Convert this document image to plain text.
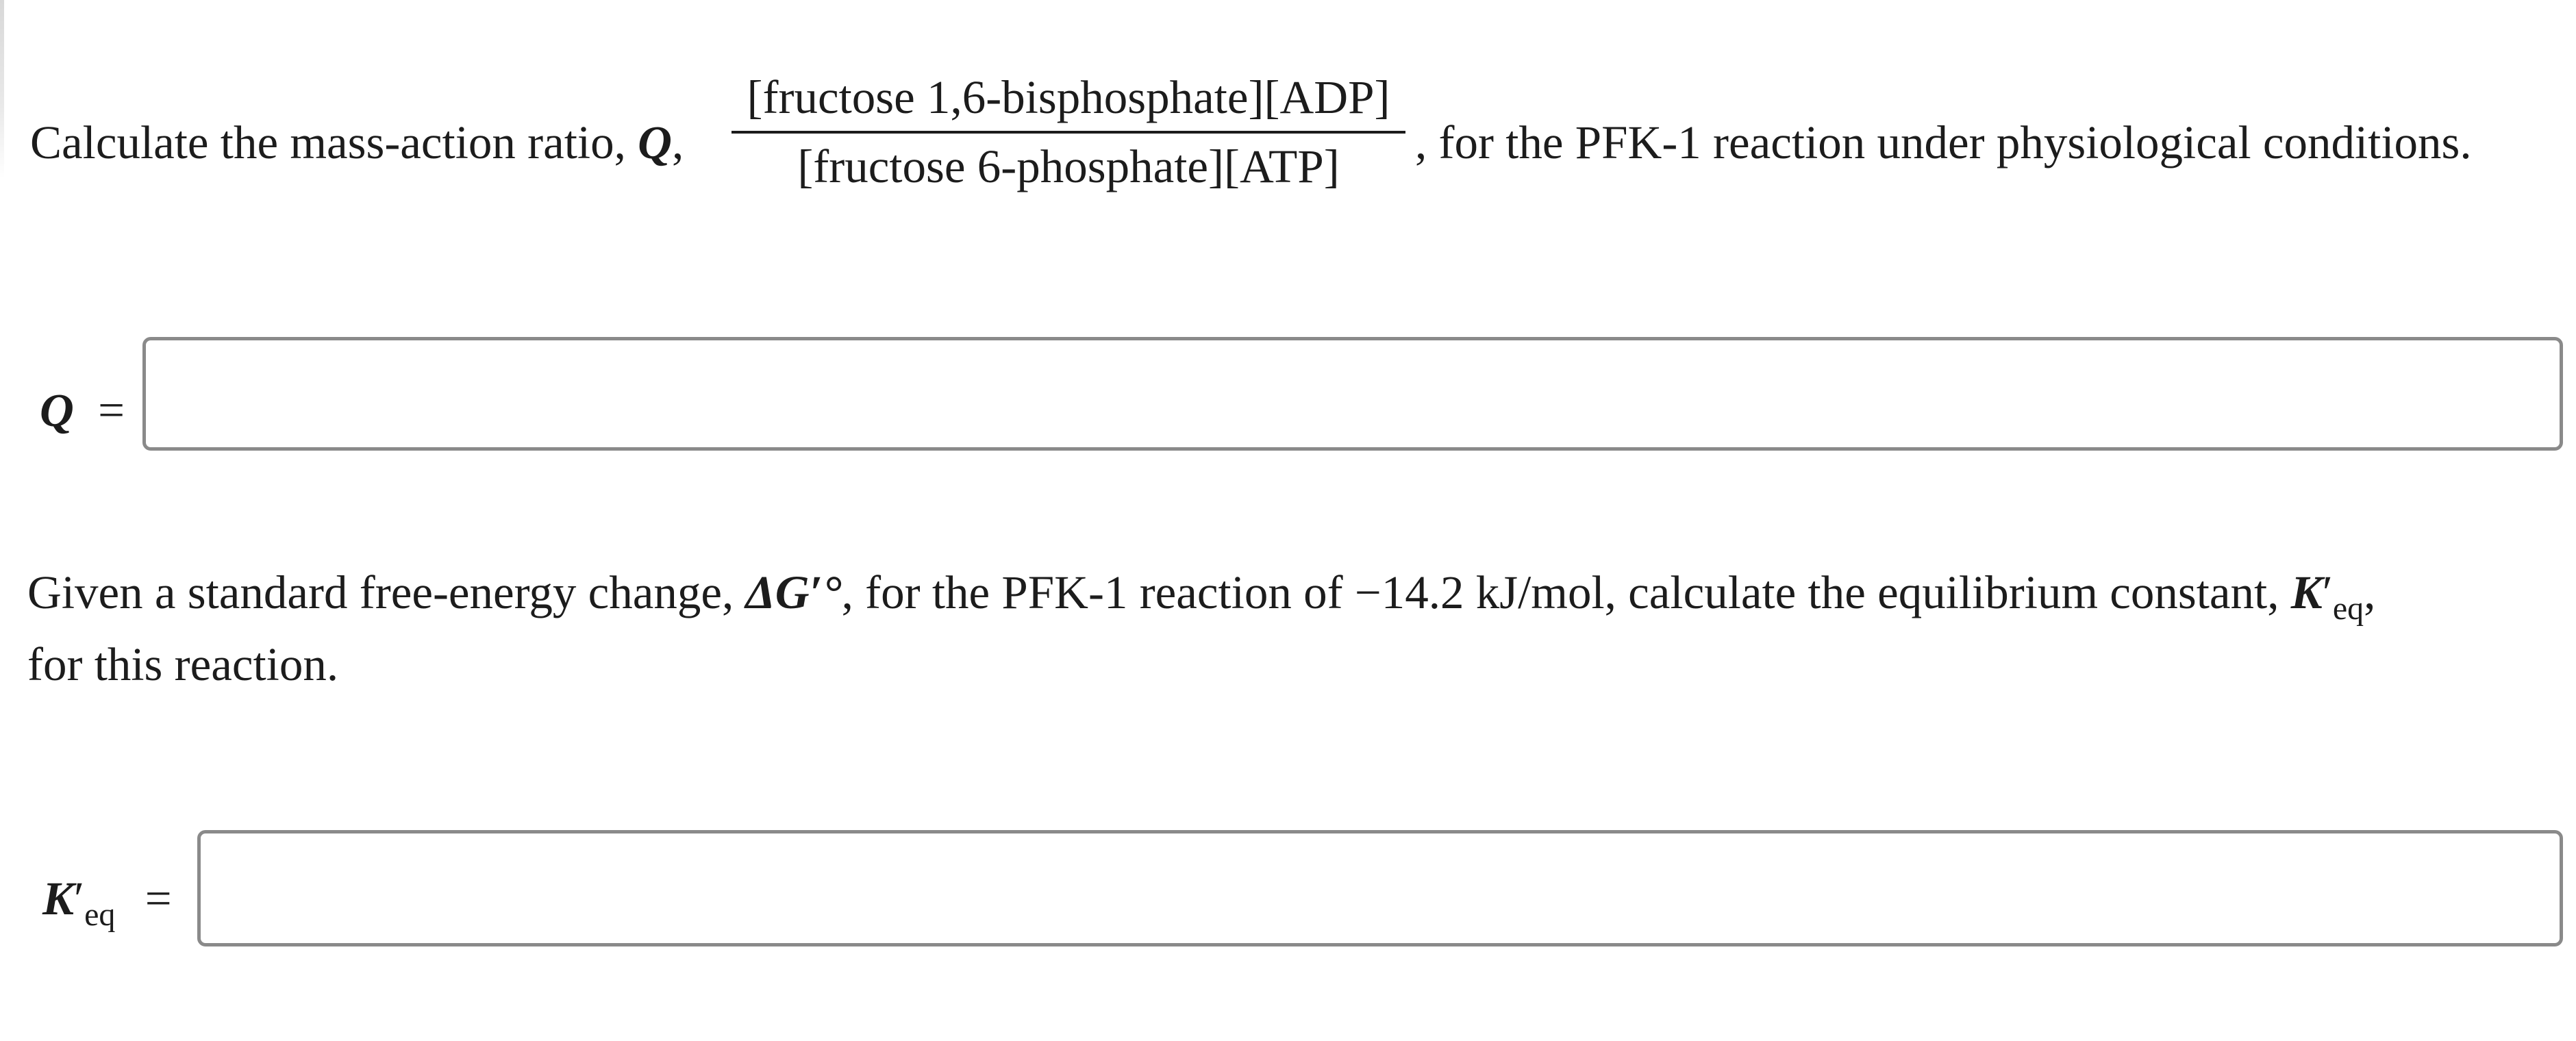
Calculate the mass-action ratio, Q,
[fructose 1,6-bisphosphate][ADP]
[fructose 6-phosphate][ATP]	, for the PFK-1 reaction under physiological conditions.
Q =
Given a standard free-energy change, ΔG′°, for the PFK-1 reaction of −14.2 kJ/mol, calculate the equilibrium constant, $K'_{eq}$,
for this reaction.
$K'_{eq}$ =
